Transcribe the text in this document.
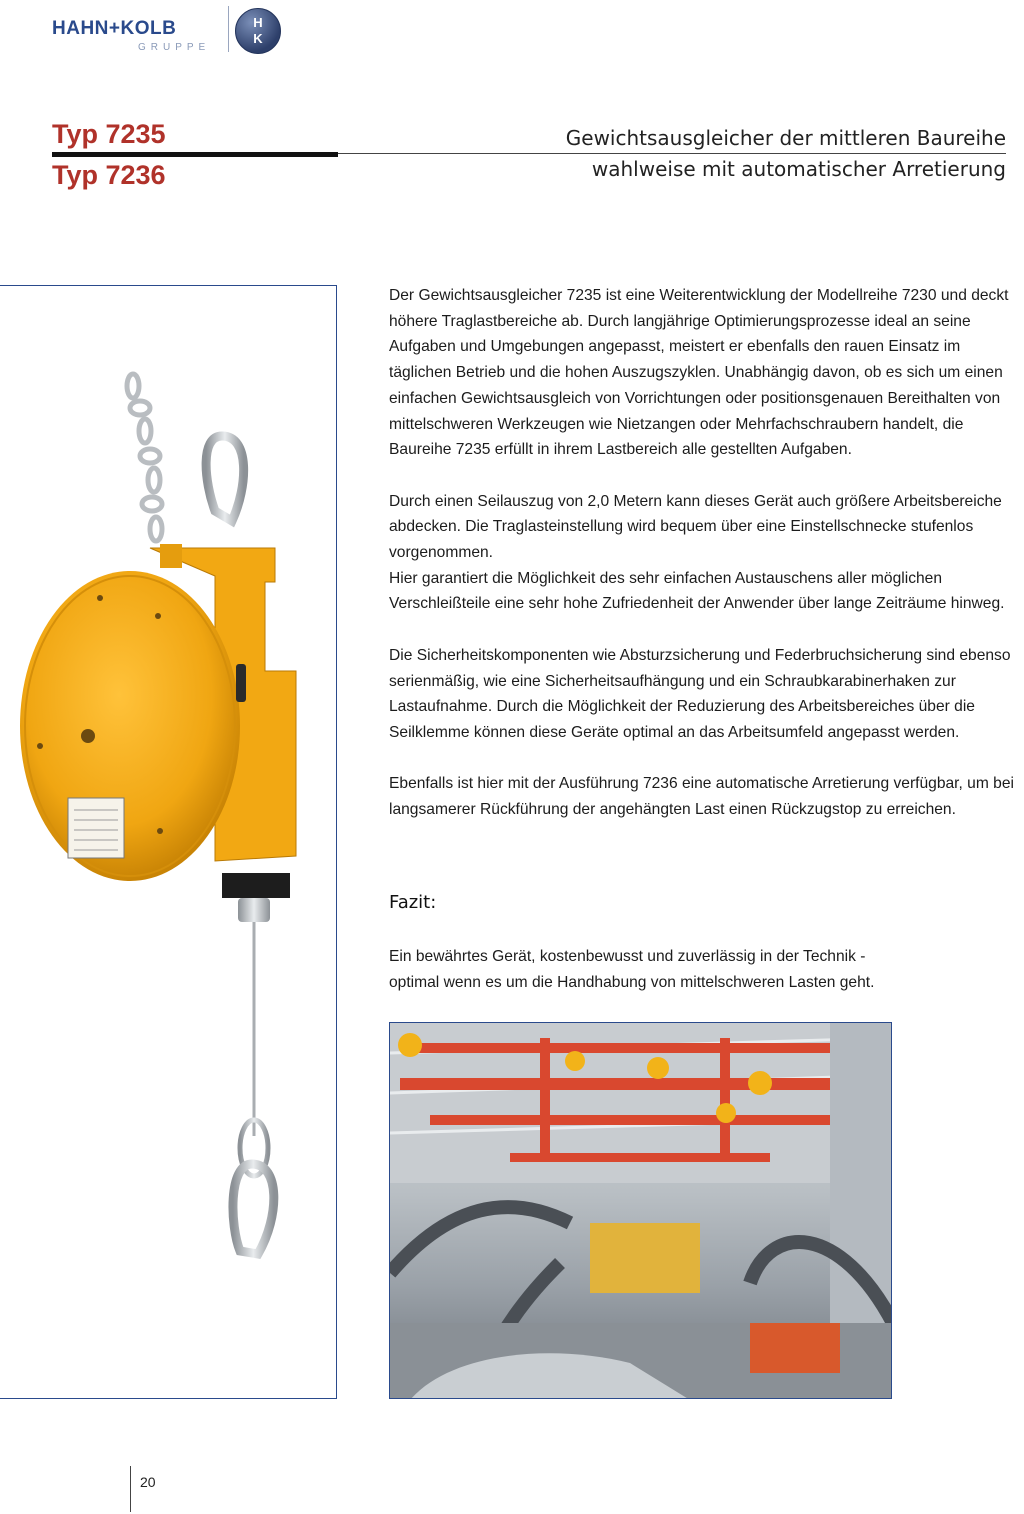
HAHN+KOLB
GRUPPE
H
K
Typ 7235
Typ 7236
Gewichtsausgleicher der mittleren Baureihe
wahlweise mit automatischer Arretierung

Der Gewichtsausgleicher 7235 ist eine Weiterentwicklung der Modellreihe 7230 und deckt höhere Traglastbereiche ab. Durch langjährige Optimierungsprozesse ideal an seine Aufgaben und Umgebungen angepasst, meistert er ebenfalls den rauen Einsatz im täglichen Betrieb und die hohen Auszugszyklen. Unabhängig davon, ob es sich um einen einfachen Gewichtsausgleich von Vorrichtungen oder positionsgenauen Bereithalten von mittelschweren Werkzeugen wie Nietzangen oder Mehrfachschraubern handelt, die Baureihe 7235 erfüllt in ihrem Lastbereich alle gestellten Aufgaben.

Durch einen Seilauszug von 2,0 Metern kann dieses Gerät auch größere Arbeitsbereiche abdecken. Die Traglasteinstellung wird bequem über eine Einstellschnecke stufenlos vorgenommen.

Hier garantiert die Möglichkeit des sehr einfachen Austauschens aller möglichen Verschleißteile eine sehr hohe Zufriedenheit der Anwender über lange Zeiträume hinweg.

Die Sicherheitskomponenten wie Absturzsicherung und Federbruchsicherung sind ebenso serienmäßig, wie eine Sicherheitsaufhängung und ein Schraubkarabinerhaken zur Lastaufnahme. Durch die Möglichkeit der Reduzierung des Arbeitsbereiches über die Seilklemme können diese Geräte optimal an das Arbeitsumfeld angepasst werden.

Ebenfalls ist hier mit der Ausführung 7236 eine automatische Arretierung verfügbar, um bei langsamerer Rückführung der angehängten Last einen Rückzugstop zu erreichen.

Fazit:
Ein bewährtes Gerät, kostenbewusst und zuverlässig in der Technik -
optimal wenn es um die Handhabung von mittelschweren Lasten geht.
20
